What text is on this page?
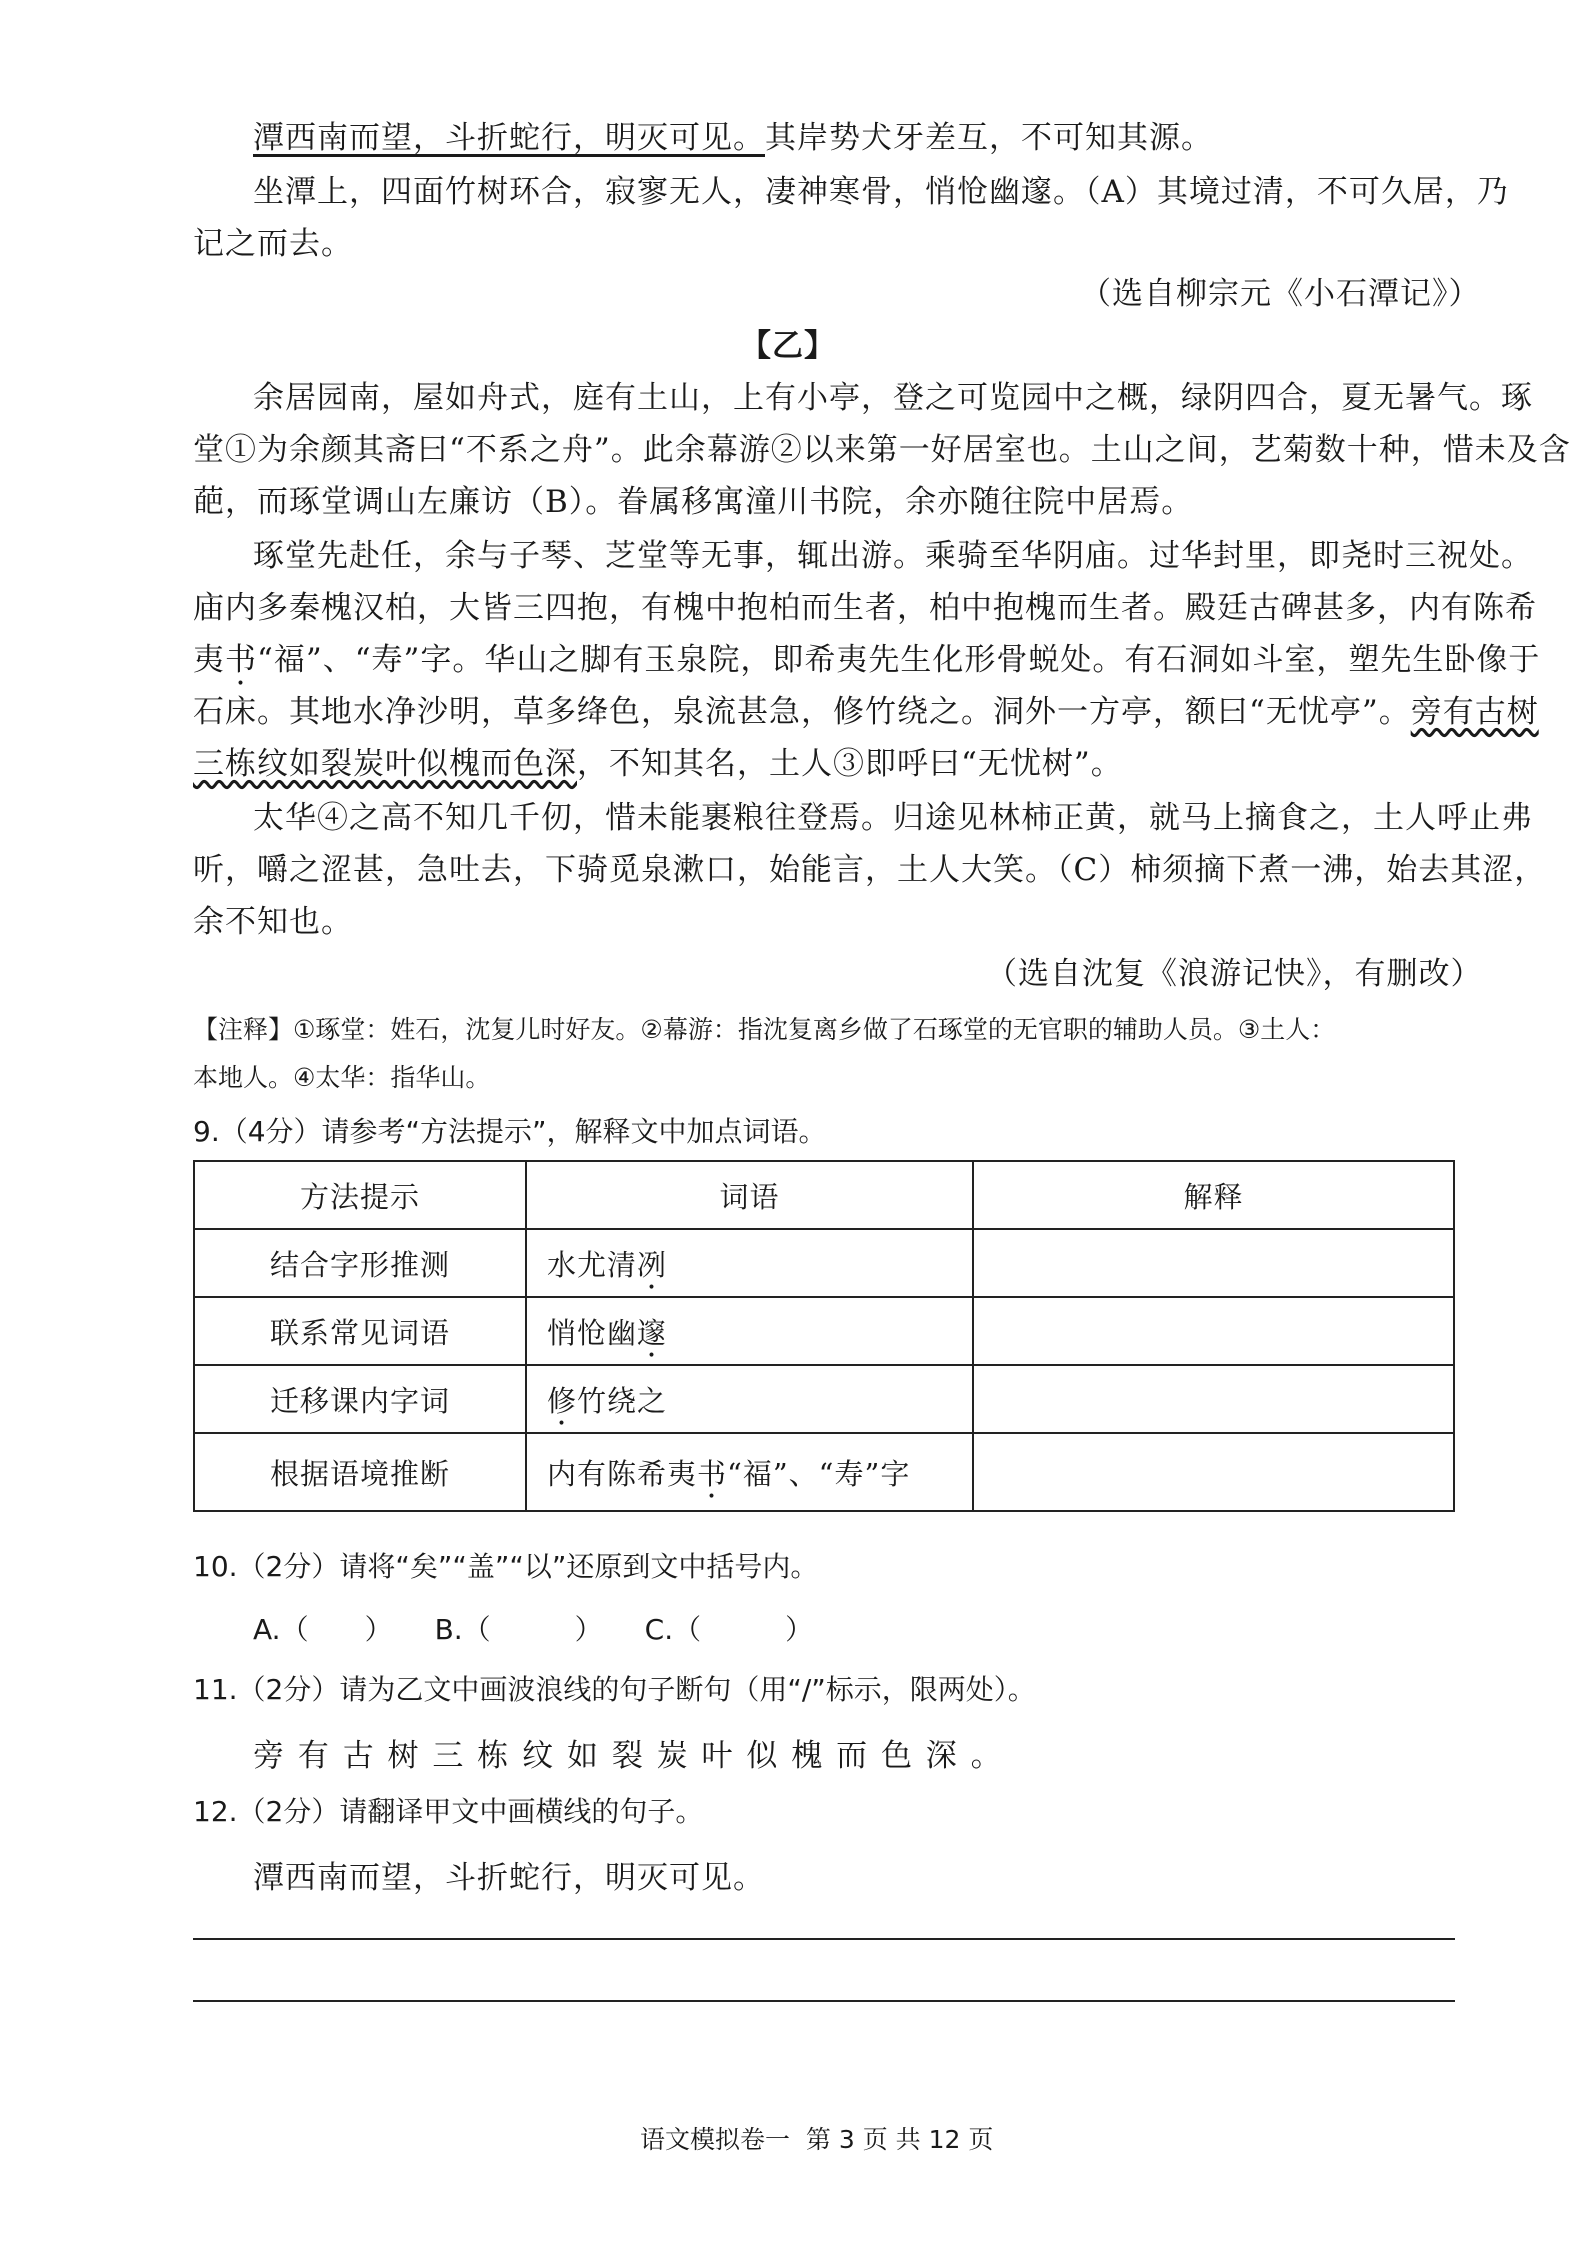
潭西南而望，斗折蛇行，明灭可见。其岸势犬牙差互，不可知其源。
坐潭上，四面竹树环合，寂寥无人，凄神寒骨，悄怆幽邃。（A）其境过清，不可久居，乃
记之而去。
（选自柳宗元《小石潭记》）
【乙】
余居园南，屋如舟式，庭有土山，上有小亭，登之可览园中之概，绿阴四合，夏无暑气。琢
堂①为余颜其斋曰“不系之舟”。此余幕游②以来第一好居室也。土山之间，艺菊数十种，惜未及含
葩，而琢堂调山左廉访（B）。眷属移寓潼川书院，余亦随往院中居焉。
琢堂先赴任，余与子琴、芝堂等无事，辄出游。乘骑至华阴庙。过华封里，即尧时三祝处。
庙内多秦槐汉柏，大皆三四抱，有槐中抱柏而生者，柏中抱槐而生者。殿廷古碑甚多，内有陈希
夷书“福”、“寿”字。华山之脚有玉泉院，即希夷先生化形骨蜕处。有石洞如斗室，塑先生卧像于
石床。其地水净沙明，草多绛色，泉流甚急，修竹绕之。洞外一方亭，额曰“无忧亭”。旁有古树
三栋纹如裂炭叶似槐而色深，不知其名，土人③即呼曰“无忧树”。
太华④之高不知几千仞，惜未能裹粮往登焉。归途见林柿正黄，就马上摘食之，土人呼止弗
听，嚼之涩甚，急吐去，下骑觅泉漱口，始能言，土人大笑。（C）柿须摘下煮一沸，始去其涩，
余不知也。
（选自沈复《浪游记快》，有删改）
【注释】①琢堂：姓石，沈复儿时好友。②幕游：指沈复离乡做了石琢堂的无官职的辅助人员。③土人：
本地人。④太华：指华山。
9.（4分）请参考“方法提示”，解释文中加点词语。
方法提示	词语	解释
结合字形推测	水尤清冽	
联系常见词语	悄怆幽邃	
迁移课内字词	修竹绕之	
根据语境推断	内有陈希夷书“福”、“寿”字	
10.（2分）请将“矣”“盖”“以”还原到文中括号内。
A.（　　）　　B.（　　　）　　C.（　　　）
11.（2分）请为乙文中画波浪线的句子断句（用“/”标示，限两处）。
旁 有 古 树 三 栋 纹 如 裂 炭 叶 似 槐 而 色 深 。
12.（2分）请翻译甲文中画横线的句子。
潭西南而望，斗折蛇行，明灭可见。
语文模拟卷一  第 3 页 共 12 页
